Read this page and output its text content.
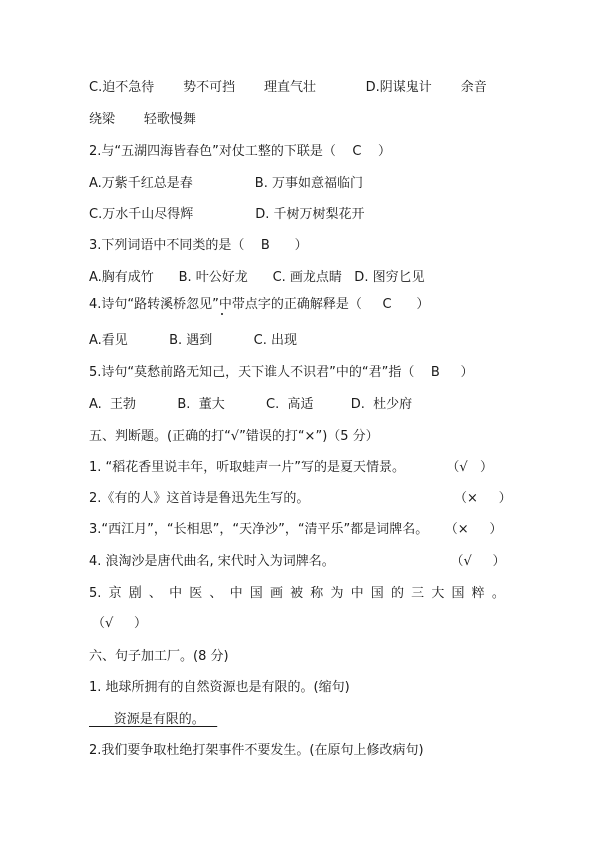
C.迫不急待       势不可挡       理直气壮            D.阴谋鬼计       余音
绕梁       轻歌慢舞
2.与“五湖四海皆春色”对仗工整的下联是（    C    ）
A.万紫千红总是春               B. 万事如意福临门
C.万水千山尽得辉               D. 千树万树梨花开
3.下列词语中不同类的是（    B      ）
A.胸有成竹      B. 叶公好龙      C. 画龙点睛   D. 图穷匕见
4.诗句“路转溪桥忽见”中带点字的正确解释是（     C      ）
A.看见          B. 遇到          C. 出现
5.诗句“莫愁前路无知己，天下谁人不识君”中的“君”指（    B     ）
A.  王勃          B.  董大          C.  高适         D.  杜少府
五、判断题。(正确的打“√”错误的打“×”)（5 分）
1. “稻花香里说丰年，听取蛙声一片”写的是夏天情景。          （√   ）
2.《有的人》这首诗是鲁迅先生写的。                                   （×     ）
3.“西江月”，“长相思”，“天净沙”，“清平乐”都是词牌名。    （×     ）
4. 浪淘沙是唐代曲名, 宋代时入为词牌名。                            （√     ）
5. 京 剧 、 中 医 、 中 国 画 被 称 为 中 国 的 三 大 国 粹 。
（√     ）
六、句子加工厂。(8 分)
1. 地球所拥有的自然资源也是有限的。(缩句)
资源是有限的。
2.我们要争取杜绝打架事件不要发生。(在原句上修改病句)
